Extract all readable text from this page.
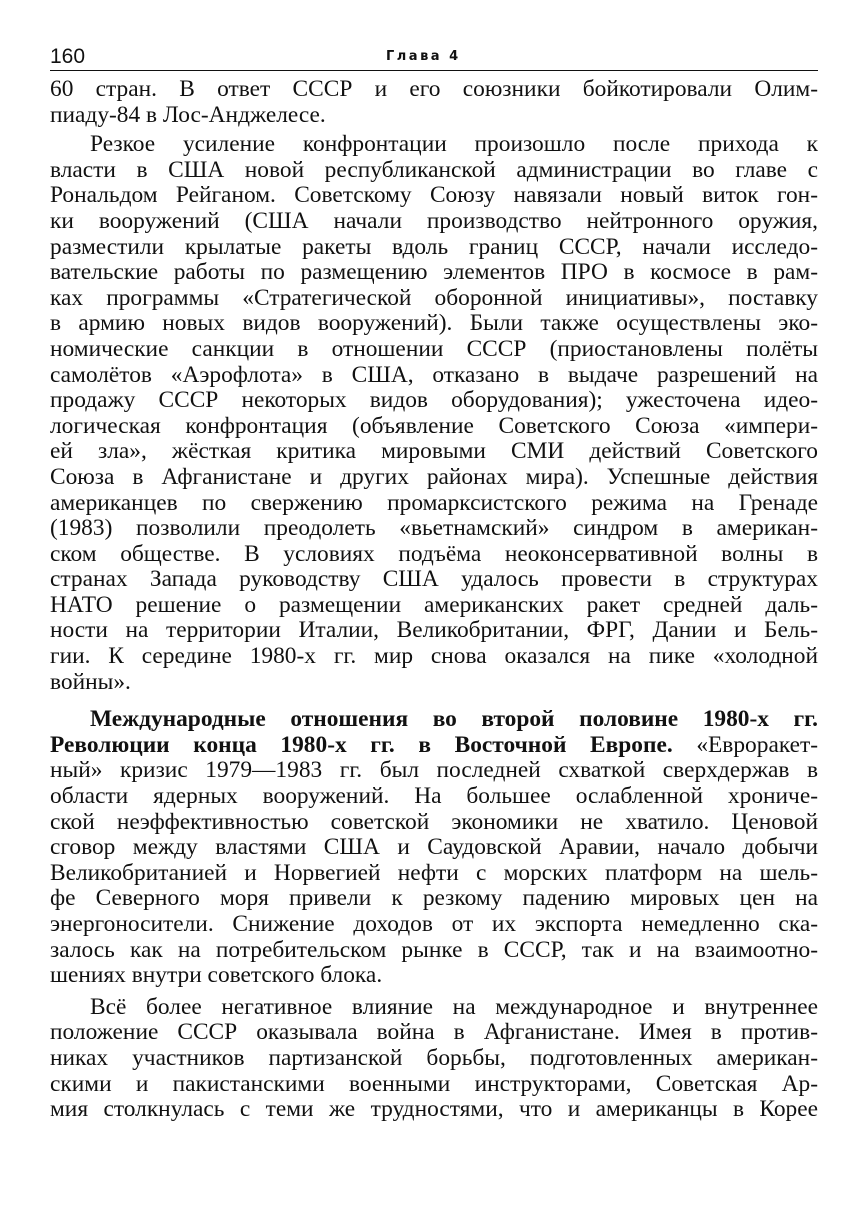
160	Глава 4
60 стран. В ответ СССР и его союзники бойкотировали Олим-
пиаду-84 в Лос-Анджелесе.
Резкое усиление конфронтации произошло после прихода к
власти в США новой республиканской администрации во главе с
Рональдом Рейганом. Советскому Союзу навязали новый виток гон-
ки вооружений (США начали производство нейтронного оружия,
разместили крылатые ракеты вдоль границ СССР, начали исследо-
вательские работы по размещению элементов ПРО в космосе в рам-
ках программы «Стратегической оборонной инициативы», поставку
в армию новых видов вооружений). Были также осуществлены эко-
номические санкции в отношении СССР (приостановлены полёты
самолётов «Аэрофлота» в США, отказано в выдаче разрешений на
продажу СССР некоторых видов оборудования); ужесточена идео-
логическая конфронтация (объявление Советского Союза «импери-
ей зла», жёсткая критика мировыми СМИ действий Советского
Союза в Афганистане и других районах мира). Успешные действия
американцев по свержению промарксистского режима на Гренаде
(1983) позволили преодолеть «вьетнамский» синдром в американ-
ском обществе. В условиях подъёма неоконсервативной волны в
странах Запада руководству США удалось провести в структурах
НАТО решение о размещении американских ракет средней даль-
ности на территории Италии, Великобритании, ФРГ, Дании и Бель-
гии. К середине 1980-х гг. мир снова оказался на пике «холодной
войны».
Международные отношения во второй половине 1980-х гг.
Революции конца 1980-х гг. в Восточной Европе. «Евроракет-
ный» кризис 1979—1983 гг. был последней схваткой сверхдержав в
области ядерных вооружений. На большее ослабленной хрониче-
ской неэффективностью советской экономики не хватило. Ценовой
сговор между властями США и Саудовской Аравии, начало добычи
Великобританией и Норвегией нефти с морских платформ на шель-
фе Северного моря привели к резкому падению мировых цен на
энергоносители. Снижение доходов от их экспорта немедленно ска-
залось как на потребительском рынке в СССР, так и на взаимоотно-
шениях внутри советского блока.
Всё более негативное влияние на международное и внутреннее
положение СССР оказывала война в Афганистане. Имея в против-
никах участников партизанской борьбы, подготовленных американ-
скими и пакистанскими военными инструкторами, Советская Ар-
мия столкнулась с теми же трудностями, что и американцы в Корее
